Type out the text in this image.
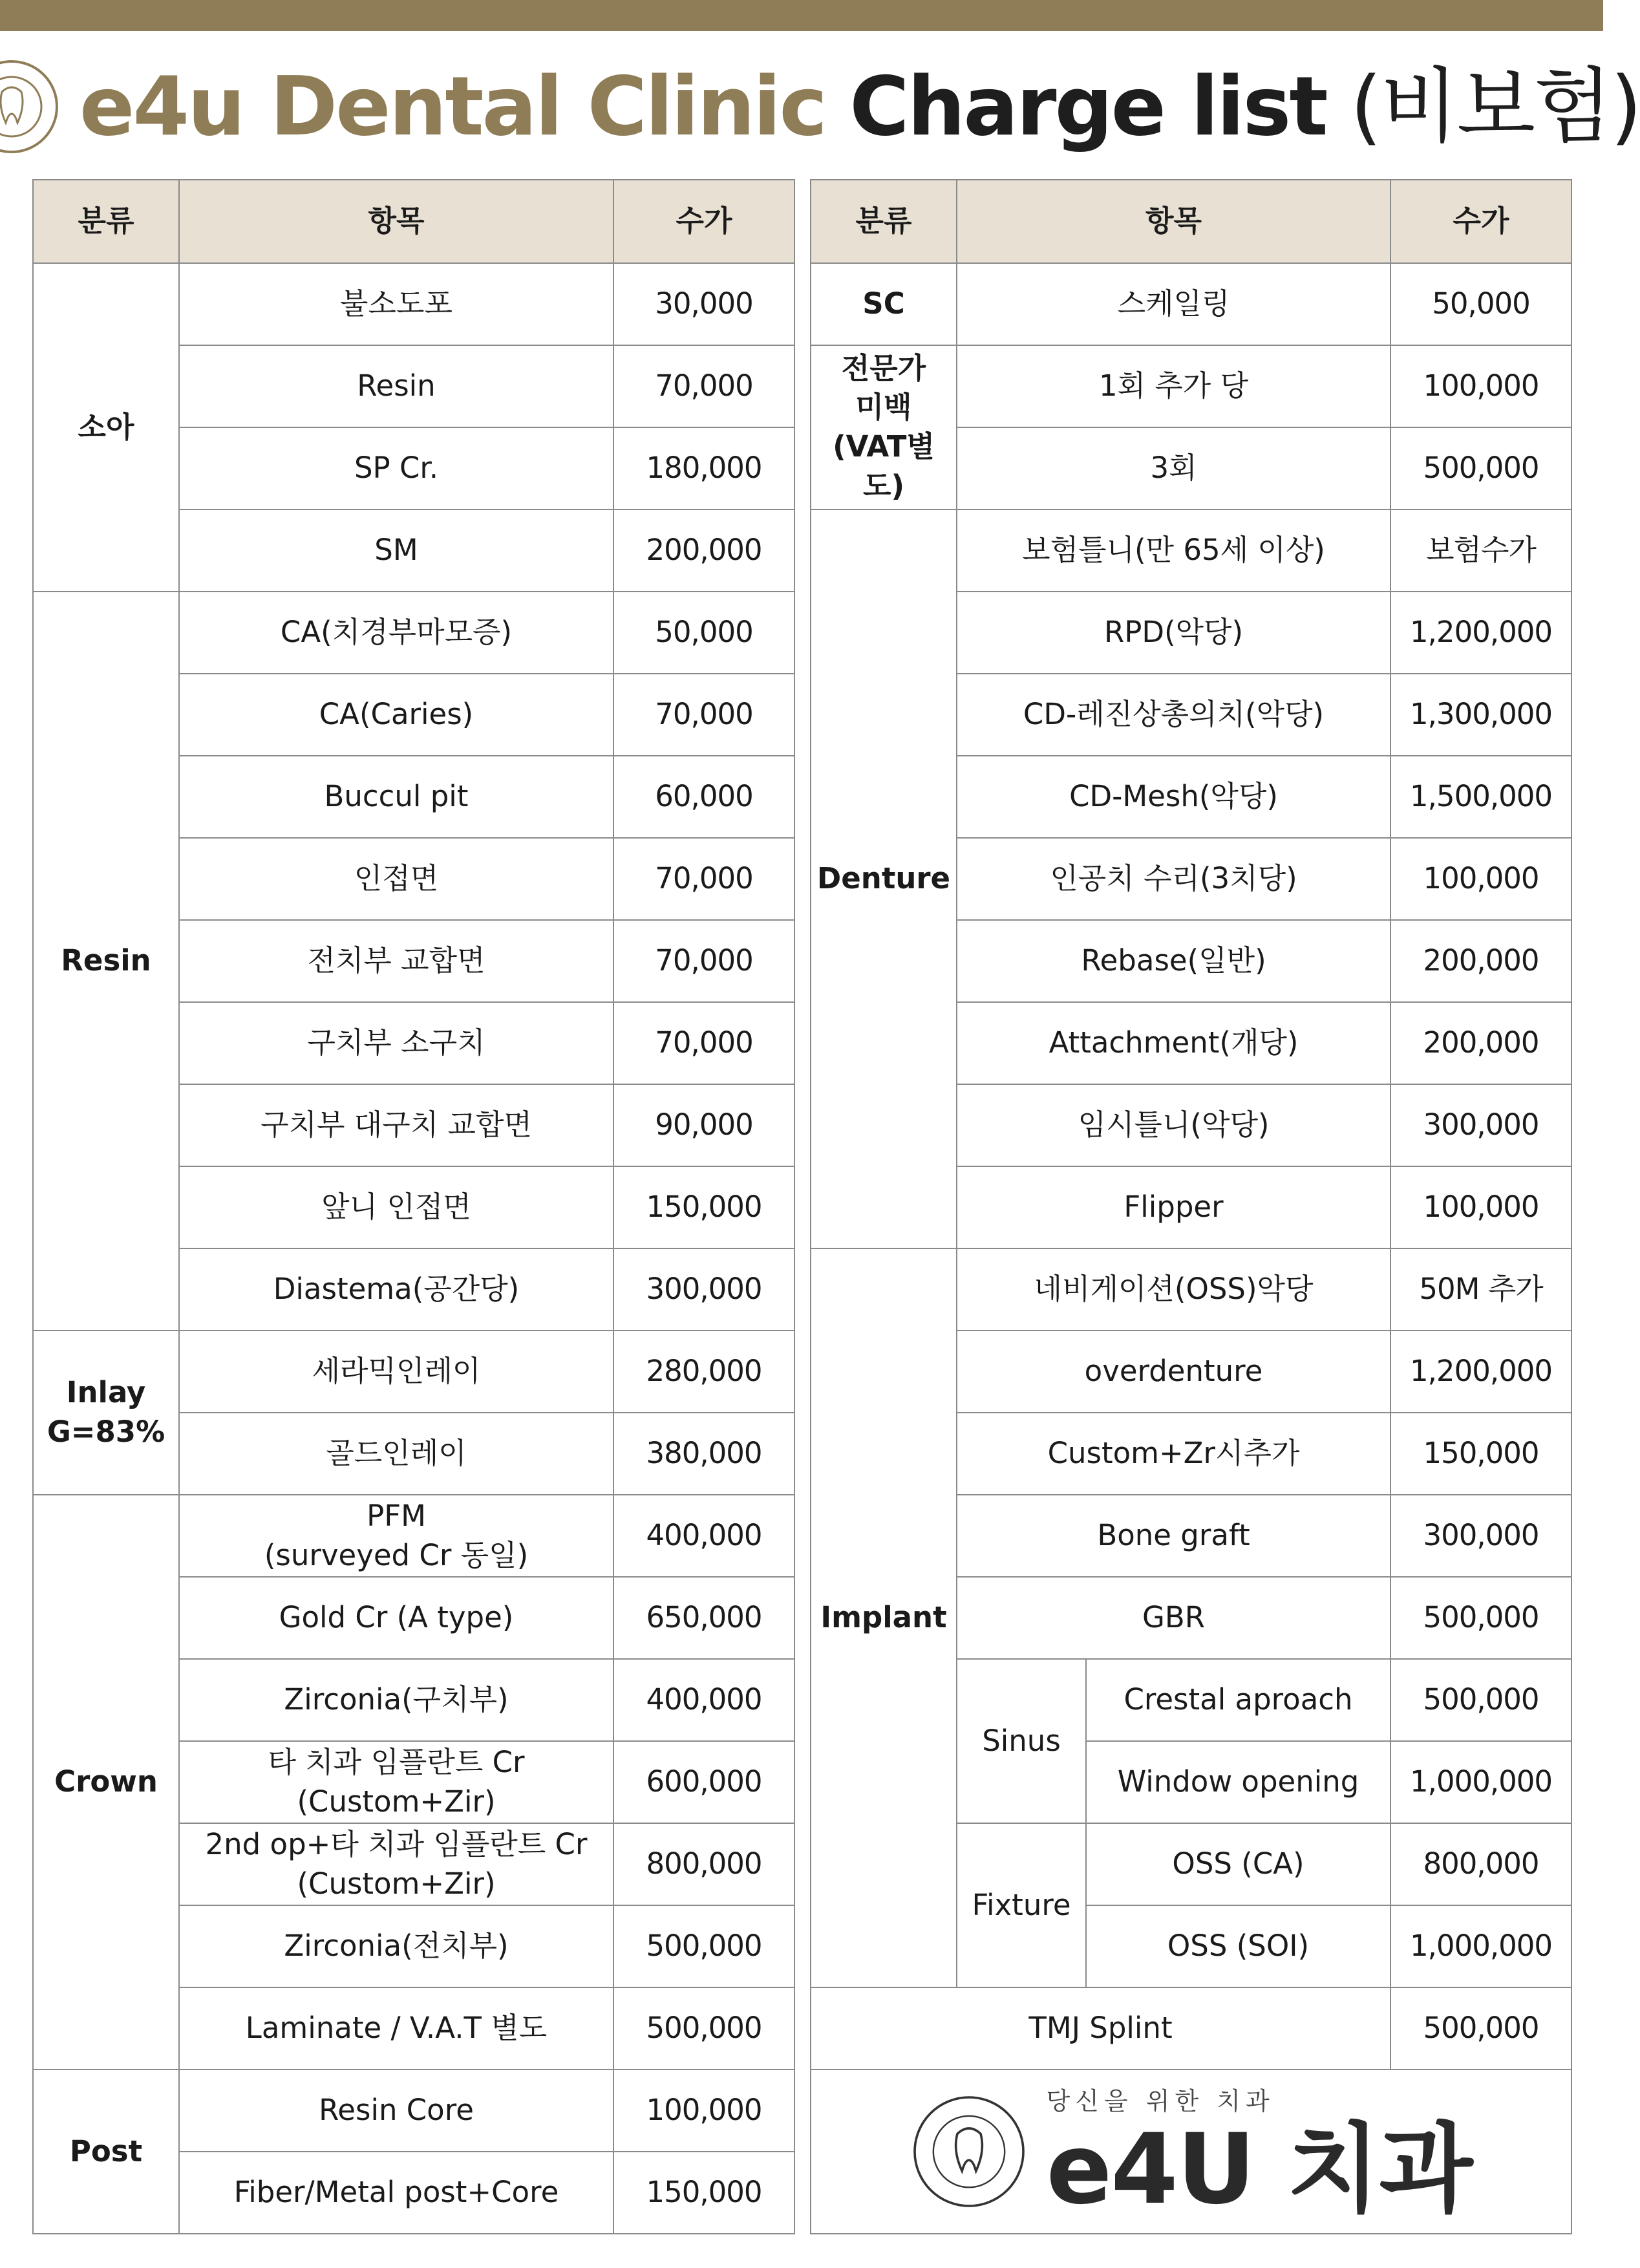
e4u Dental Clinic Charge list (비보험)
분류	항목	수가
소아	불소도포	30,000
	Resin	70,000
	SP Cr.	180,000
	SM	200,000
Resin	CA(치경부마모증)	50,000
	CA(Caries)	70,000
	Buccul pit	60,000
	인접면	70,000
	전치부 교합면	70,000
	구치부 소구치	70,000
	구치부 대구치 교합면	90,000
	앞니 인접면	150,000
	Diastema(공간당)	300,000

Inlay
G=83%	세라믹인레이	280,000
	골드인레이	380,000
Crown	PFM
(surveyed Cr 동일)	400,000
	Gold Cr (A type)	650,000
	Zirconia(구치부)	400,000

	타 치과 임플란트 Cr
(Custom+Zir)	600,000

	2nd op+타 치과 임플란트 Cr
(Custom+Zir)	800,000
	Zirconia(전치부)	500,000
	Laminate / V.A.T 별도	500,000
Post	Resin Core	100,000
	Fiber/Metal post+Core	150,000
분류	항목		수가
SC	스케일링		50,000

전문가
미백
(VAT별도)	1회 추가 당		100,000
	3회		500,000
Denture	보험틀니(만 65세 이상)		보험수가
	RPD(악당)		1,200,000
	CD-레진상총의치(악당)		1,300,000
	CD-Mesh(악당)		1,500,000
	인공치 수리(3치당)		100,000
	Rebase(일반)		200,000
	Attachment(개당)		200,000
	임시틀니(악당)		300,000
	Flipper		100,000
Implant	네비게이션(OSS)악당		50M 추가
	overdenture		1,200,000
	Custom+Zr시추가		150,000
	Bone graft		300,000
	GBR		500,000
	Sinus	Crestal aproach	500,000
		Window opening	1,000,000
	Fixture	OSS (CA)	800,000
		OSS (SOI)	1,000,000
TMJ Splint			500,000

당신을 위한 치과
e4U 치과			
